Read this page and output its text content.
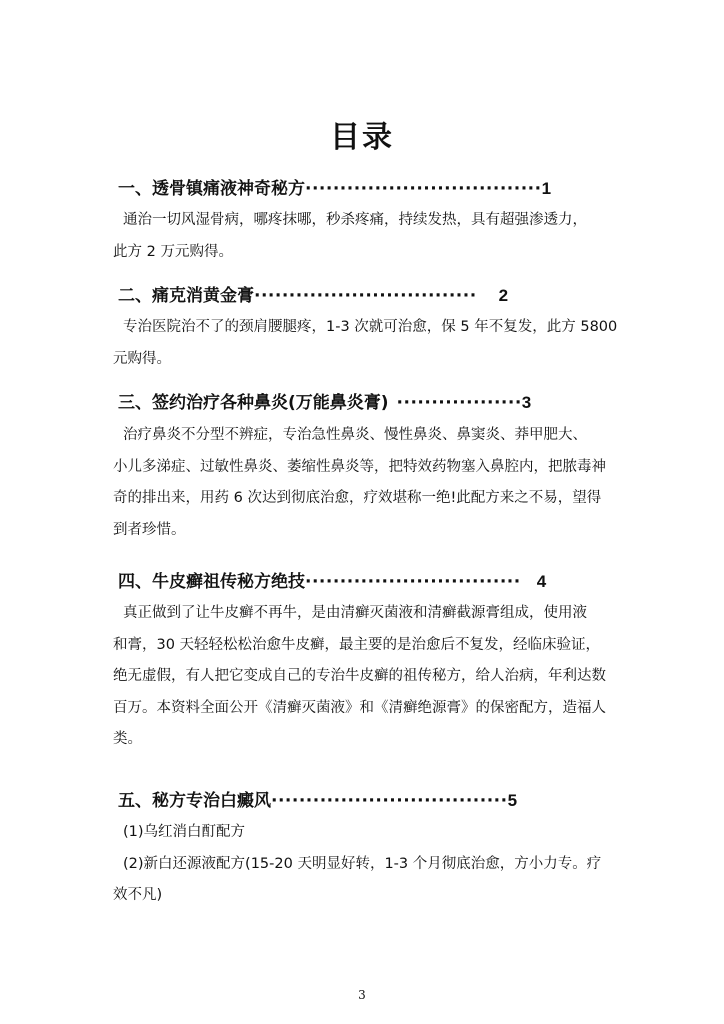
目录
一、透骨镇痛液神奇秘方··································1
通治一切风湿骨病，哪疼抹哪，秒杀疼痛，持续发热，具有超强渗透力，
此方 2 万元购得。
二、痛克消黄金膏································ 2
专治医院治不了的颈肩腰腿疼，1-3 次就可治愈，保 5 年不复发，此方 5800
元购得。
三、签约治疗各种鼻炎(万能鼻炎膏) ··················3
治疗鼻炎不分型不辨症，专治急性鼻炎、慢性鼻炎、鼻窦炎、莽甲肥大、
小儿多涕症、过敏性鼻炎、萎缩性鼻炎等，把特效药物塞入鼻腔内，把脓毒神
奇的排出来，用药 6 次达到彻底治愈，疗效堪称一绝!此配方来之不易，望得
到者珍惜。
四、牛皮癣祖传秘方绝技······························· 4
真正做到了让牛皮癣不再牛，是由清癣灭菌液和清癣截源膏组成，使用液
和膏，30 天轻轻松松治愈牛皮癣，最主要的是治愈后不复发，经临床验证，
绝无虚假，有人把它变成自己的专治牛皮癣的祖传秘方，给人治病，年利达数
百万。本资料全面公开《清癣灭菌液》和《清癣绝源膏》的保密配方，造福人
类。
五、秘方专治白癜风··································5
(1)乌红消白酊配方
(2)新白还源液配方(15-20 天明显好转，1-3 个月彻底治愈，方小力专。疗
效不凡)
3
